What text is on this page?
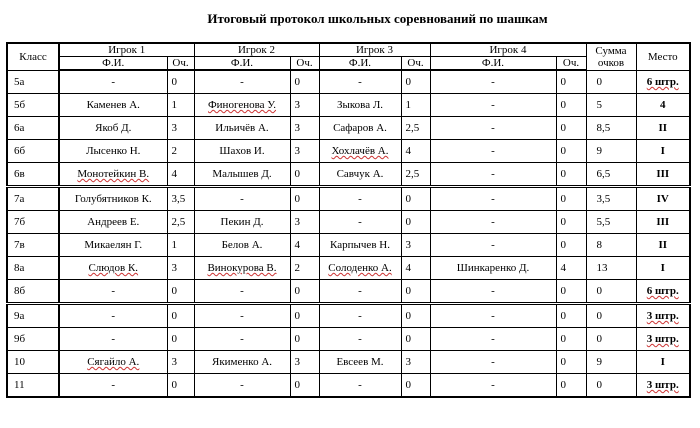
Итоговый протокол школьных соревнований по шашкам
Класс	Игрок 1		Игрок 2		Игрок 3		Игрок 4		Сумма очков	Место
	Ф.И.	Оч.	Ф.И.	Оч.	Ф.И.	Оч.	Ф.И.	Оч.		
5а	-	0	-	0	-	0	-	0	0	6 штр.
5б	Каменев А.	1	Финогенова У.	3	Зыкова Л.	1	-	0	5	4
6а	Якоб Д.	3	Ильичёв А.	3	Сафаров А.	2,5	-	0	8,5	II
6б	Лысенко Н.	2	Шахов И.	3	Хохлачёв А.	4	-	0	9	I
6в	Монотейкин В.	4	Малышев Д.	0	Савчук А.	2,5	-	0	6,5	III
7а	Голубятников К.	3,5	-	0	-	0	-	0	3,5	IV
7б	Андреев Е.	2,5	Пекин Д.	3	-	0	-	0	5,5	III
7в	Микаелян Г.	1	Белов А.	4	Карпычев Н.	3	-	0	8	II
8а	Слюдов К.	3	Винокурова В.	2	Солоденко А.	4	Шинкаренко Д.	4	13	I
8б	-	0	-	0	-	0	-	0	0	6 штр.
9а	-	0	-	0	-	0	-	0	0	3 штр.
9б	-	0	-	0	-	0	-	0	0	3 штр.
10	Сягайло А.	3	Якименко А.	3	Евсеев М.	3	-	0	9	I
11	-	0	-	0	-	0	-	0	0	3 штр.
